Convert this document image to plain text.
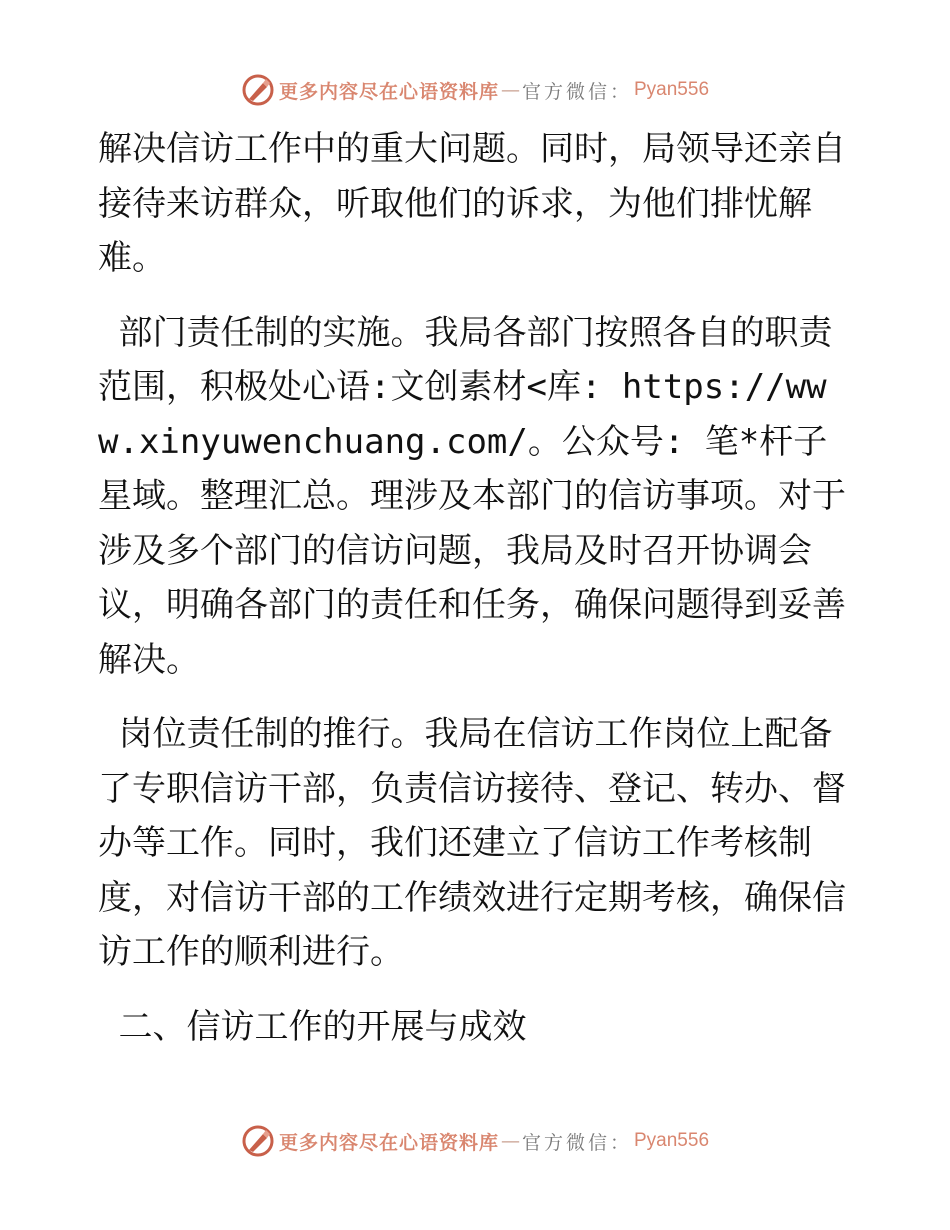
更多内容尽在心语资料库 — 官方微信： Pyan556

解决信访工作中的重大问题。同时，局领导还亲自接待来访群众，听取他们的诉求，为他们排忧解难。

部门责任制的实施。我局各部门按照各自的职责范围，积极处心语:文创素材<库: https://www.xinyuwenchuang.com/。公众号: 笔*杆子星域。整理汇总。理涉及本部门的信访事项。对于涉及多个部门的信访问题，我局及时召开协调会议，明确各部门的责任和任务，确保问题得到妥善解决。

岗位责任制的推行。我局在信访工作岗位上配备了专职信访干部，负责信访接待、登记、转办、督办等工作。同时，我们还建立了信访工作考核制度，对信访干部的工作绩效进行定期考核，确保信访工作的顺利进行。

二、信访工作的开展与成效

更多内容尽在心语资料库 — 官方微信： Pyan556
